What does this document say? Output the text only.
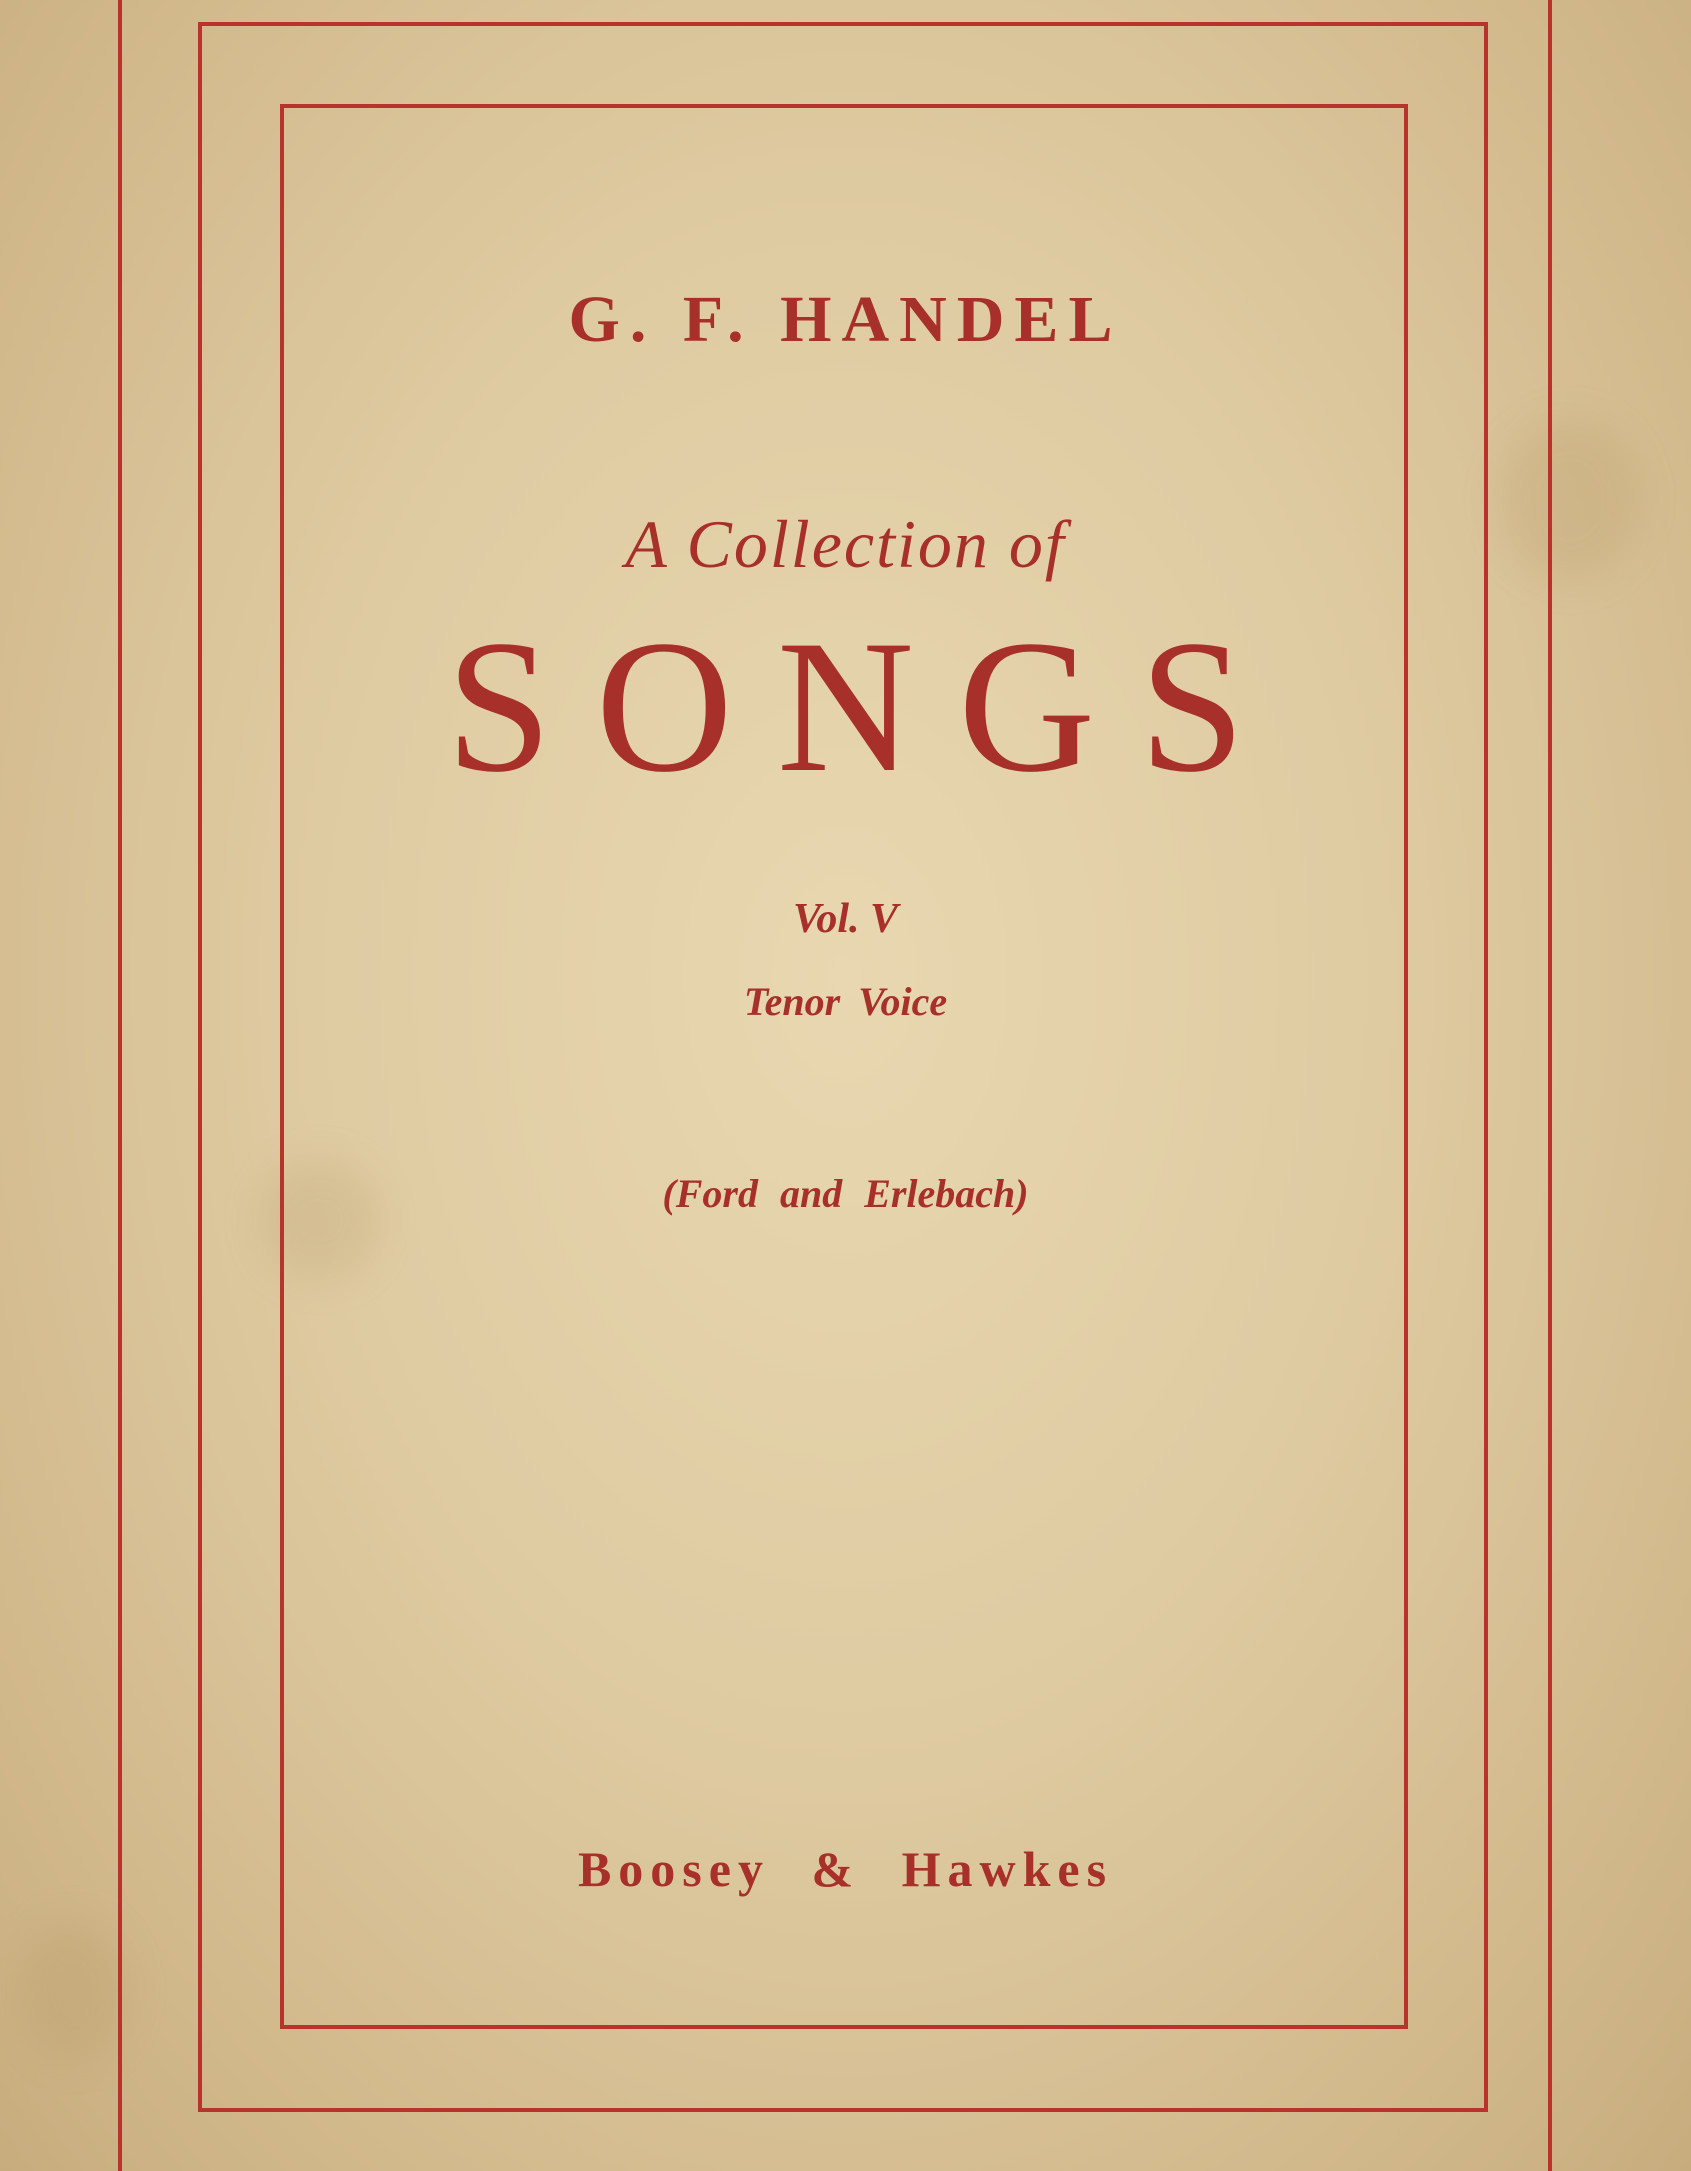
G. F. HANDEL
A Collection of
SONGS
Vol. V
Tenor Voice
(Ford and Erlebach)
Boosey & Hawkes
